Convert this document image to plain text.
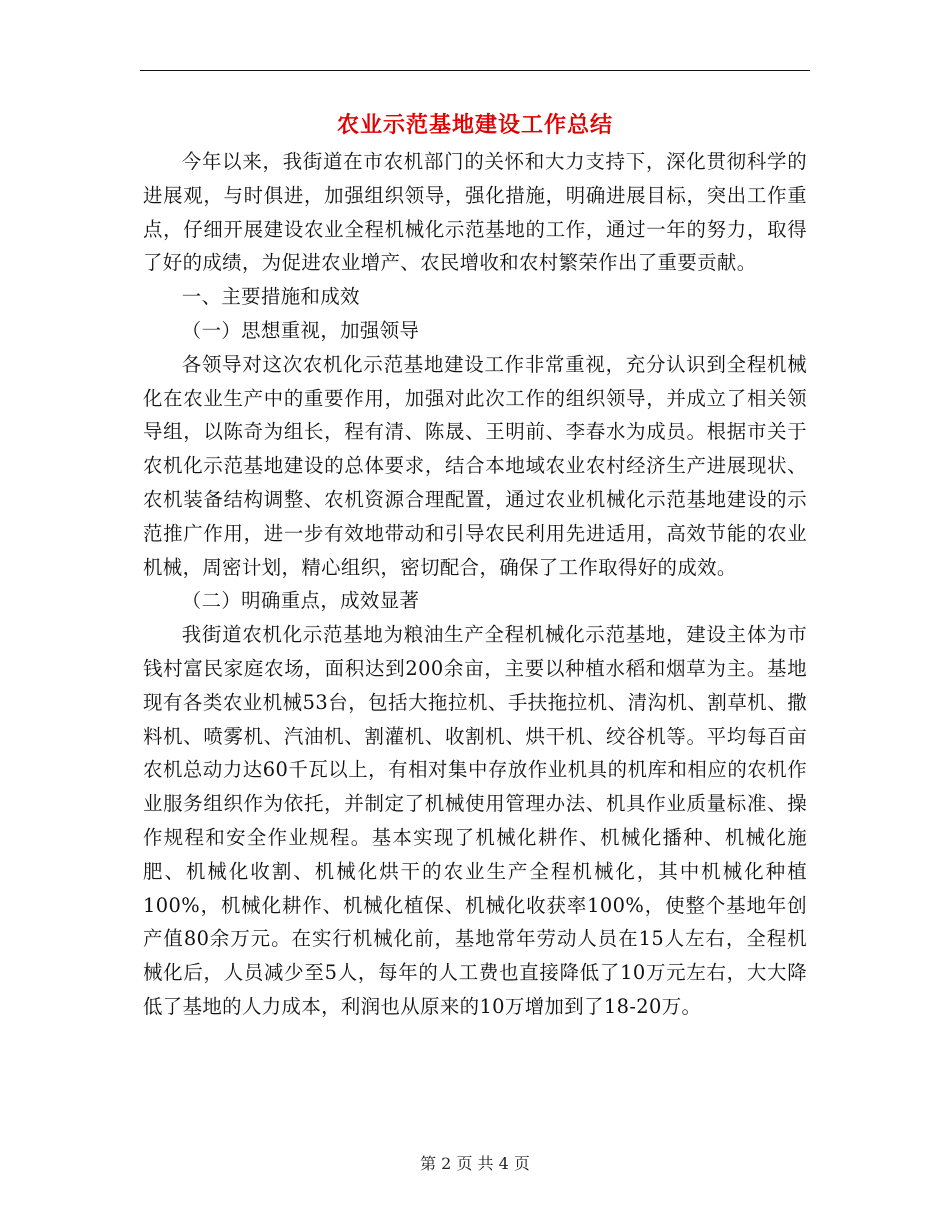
农业示范基地建设工作总结

今年以来，我街道在市农机部门的关怀和大力支持下，深化贯彻科学的进展观，与时俱进，加强组织领导，强化措施，明确进展目标，突出工作重点，仔细开展建设农业全程机械化示范基地的工作，通过一年的努力，取得了好的成绩，为促进农业增产、农民增收和农村繁荣作出了重要贡献。

一、主要措施和成效

（一）思想重视，加强领导

各领导对这次农机化示范基地建设工作非常重视，充分认识到全程机械化在农业生产中的重要作用，加强对此次工作的组织领导，并成立了相关领导组，以陈奇为组长，程有清、陈晟、王明前、李春水为成员。根据市关于农机化示范基地建设的总体要求，结合本地域农业农村经济生产进展现状、农机装备结构调整、农机资源合理配置，通过农业机械化示范基地建设的示范推广作用，进一步有效地带动和引导农民利用先进适用，高效节能的农业机械，周密计划，精心组织，密切配合，确保了工作取得好的成效。

（二）明确重点，成效显著

我街道农机化示范基地为粮油生产全程机械化示范基地，建设主体为市钱村富民家庭农场，面积达到200余亩，主要以种植水稻和烟草为主。基地现有各类农业机械53台，包括大拖拉机、手扶拖拉机、清沟机、割草机、撒料机、喷雾机、汽油机、割灌机、收割机、烘干机、绞谷机等。平均每百亩农机总动力达60千瓦以上，有相对集中存放作业机具的机库和相应的农机作业服务组织作为依托，并制定了机械使用管理办法、机具作业质量标准、操作规程和安全作业规程。基本实现了机械化耕作、机械化播种、机械化施肥、机械化收割、机械化烘干的农业生产全程机械化，其中机械化种植100%，机械化耕作、机械化植保、机械化收获率100%，使整个基地年创产值80余万元。在实行机械化前，基地常年劳动人员在15人左右，全程机械化后，人员减少至5人，每年的人工费也直接降低了10万元左右，大大降低了基地的人力成本，利润也从原来的10万增加到了18-20万。

第 2 页 共 4 页
